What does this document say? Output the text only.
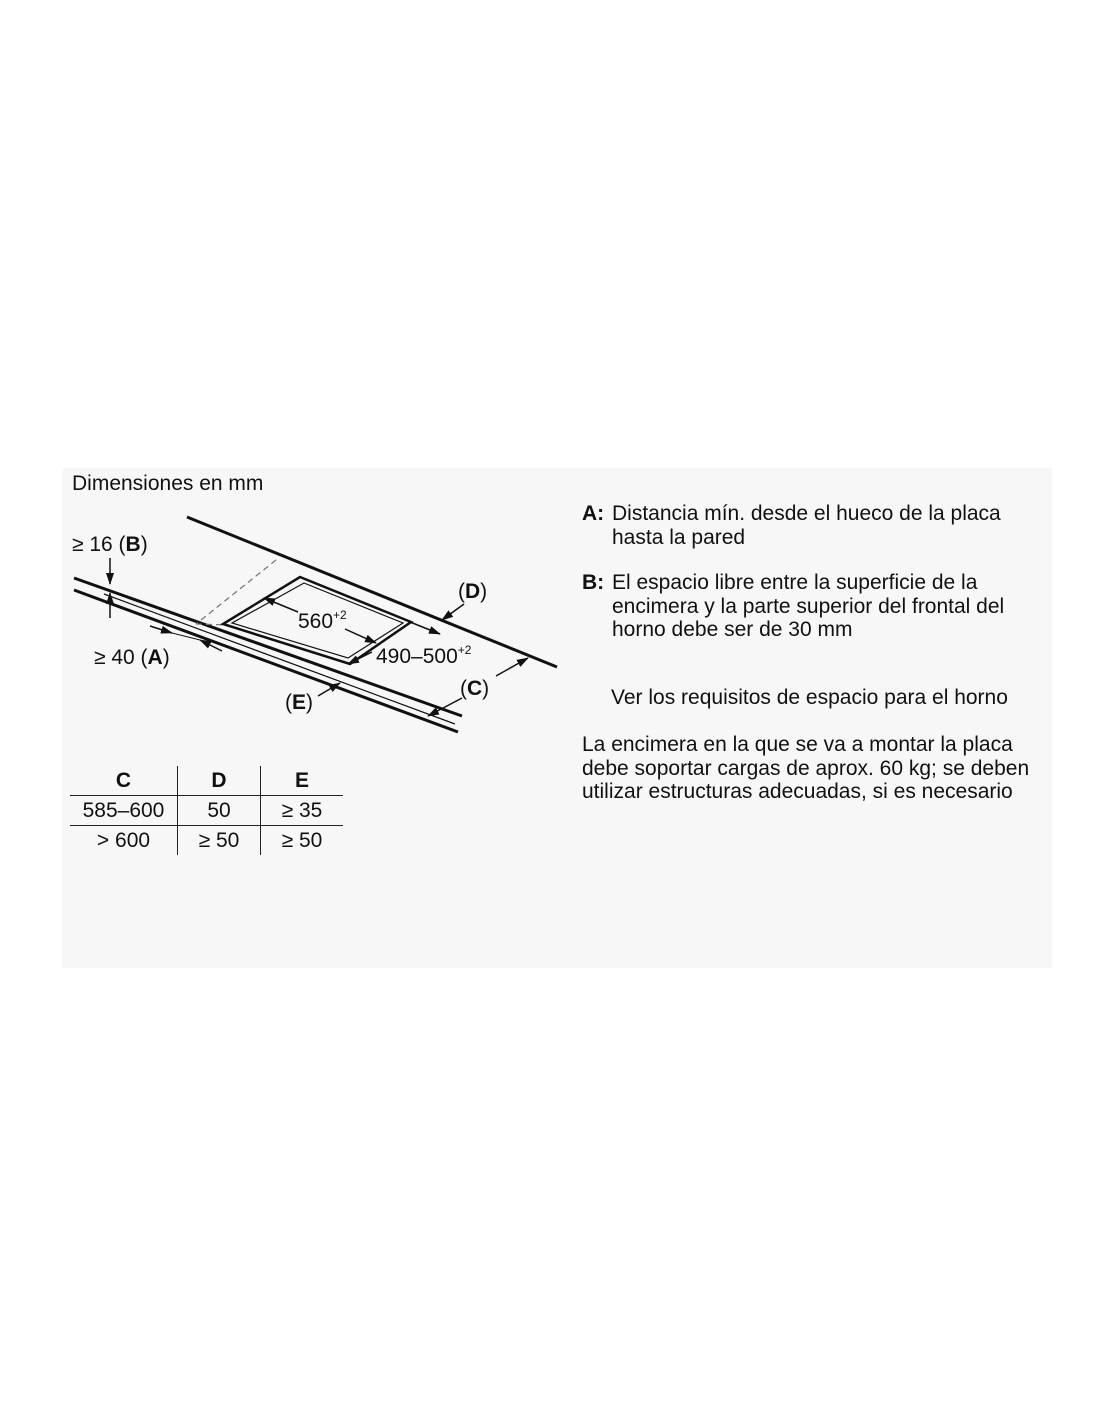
Dimensiones en mm
≥ 16 (B)
≥ 40 (A)
(D)
(E)
(C)
$560^{+2}$
$490-500^{+2}$
C	D	E
585–600	50	≥ 35
> 600	≥ 50	≥ 50
A: Distancia mín. desde el hueco de la placa hasta la pared
B: El espacio libre entre la superficie de la encimera y la parte superior del frontal del horno debe ser de 30 mm
Ver los requisitos de espacio para el horno
La encimera en la que se va a montar la placa debe soportar cargas de aprox. 60 kg; se deben utilizar estructuras adecuadas, si es necesario
